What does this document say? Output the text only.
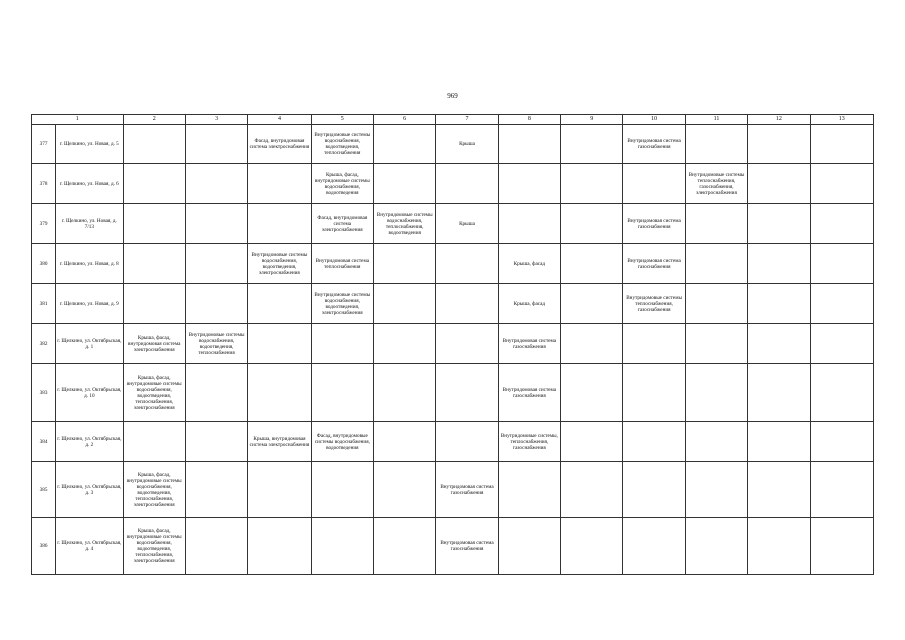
969
1		2	3	4	5	6	7	8	9	10	11	12	13
377	г. Щелкино, ул. Новая, д. 5			Фасад, внутридомовая система электроснабжения	Внутридомовые системы водоснабжения, водоотведения, теплоснабжения		Крыша			Внутридомовая система газоснабжения			
378	г. Щелкино, ул. Новая, д. 6				Крыша, фасад, внутридомовые системы водоснабжения, водоотведения						Внутридомовые системы теплоснабжения, газоснабжения, электроснабжения		
379	г. Щелкино, ул. Новая, д. 7/13				Фасад, внутридомовая система электроснабжения	Внутридомовые системы водоснабжения, теплоснабжения, водоотведения	Крыша			Внутридомовая система газоснабжения			
380	г. Щелкино, ул. Новая, д. 8			Внутридомовые системы водоснабжения, водоотведения, электроснабжения	Внутридомовая система теплоснабжения			Крыша, фасад		Внутридомовая система газоснабжения			
381	г. Щелкино, ул. Новая, д. 9				Внутридомовые системы водоснабжения, водоотведения, электроснабжения			Крыша, фасад		Внутридомовые системы теплоснабжения, газоснабжения			
382	г. Щелкино, ул. Октябрьская, д. 1	Крыша, фасад, внутридомовая система электроснабжения	Внутридомовые системы водоснабжения, водоотведения, теплоснабжения					Внутридомовая система газоснабжения					
383	г. Щелкино, ул. Октябрьская, д. 10	Крыша, фасад, внутридомовые системы водоснабжения, водоотведения, теплоснабжения, электроснабжения						Внутридомовая система газоснабжения					
384	г. Щелкино, ул. Октябрьская, д. 2			Крыша, внутридомовая система электроснабжения	Фасад, внутридомовые системы водоснабжения, водоотведения			Внутридомовые системы, теплоснабжения, газоснабжения					
385	г. Щелкино, ул. Октябрьская, д. 3	Крыша, фасад, внутридомовые системы водоснабжения, водоотведения, теплоснабжения, электроснабжения					Внутридомовая система газоснабжения						
386	г. Щелкино, ул. Октябрьская, д. 4	Крыша, фасад, внутридомовые системы водоснабжения, водоотведения, теплоснабжения, электроснабжения					Внутридомовая система газоснабжения						
